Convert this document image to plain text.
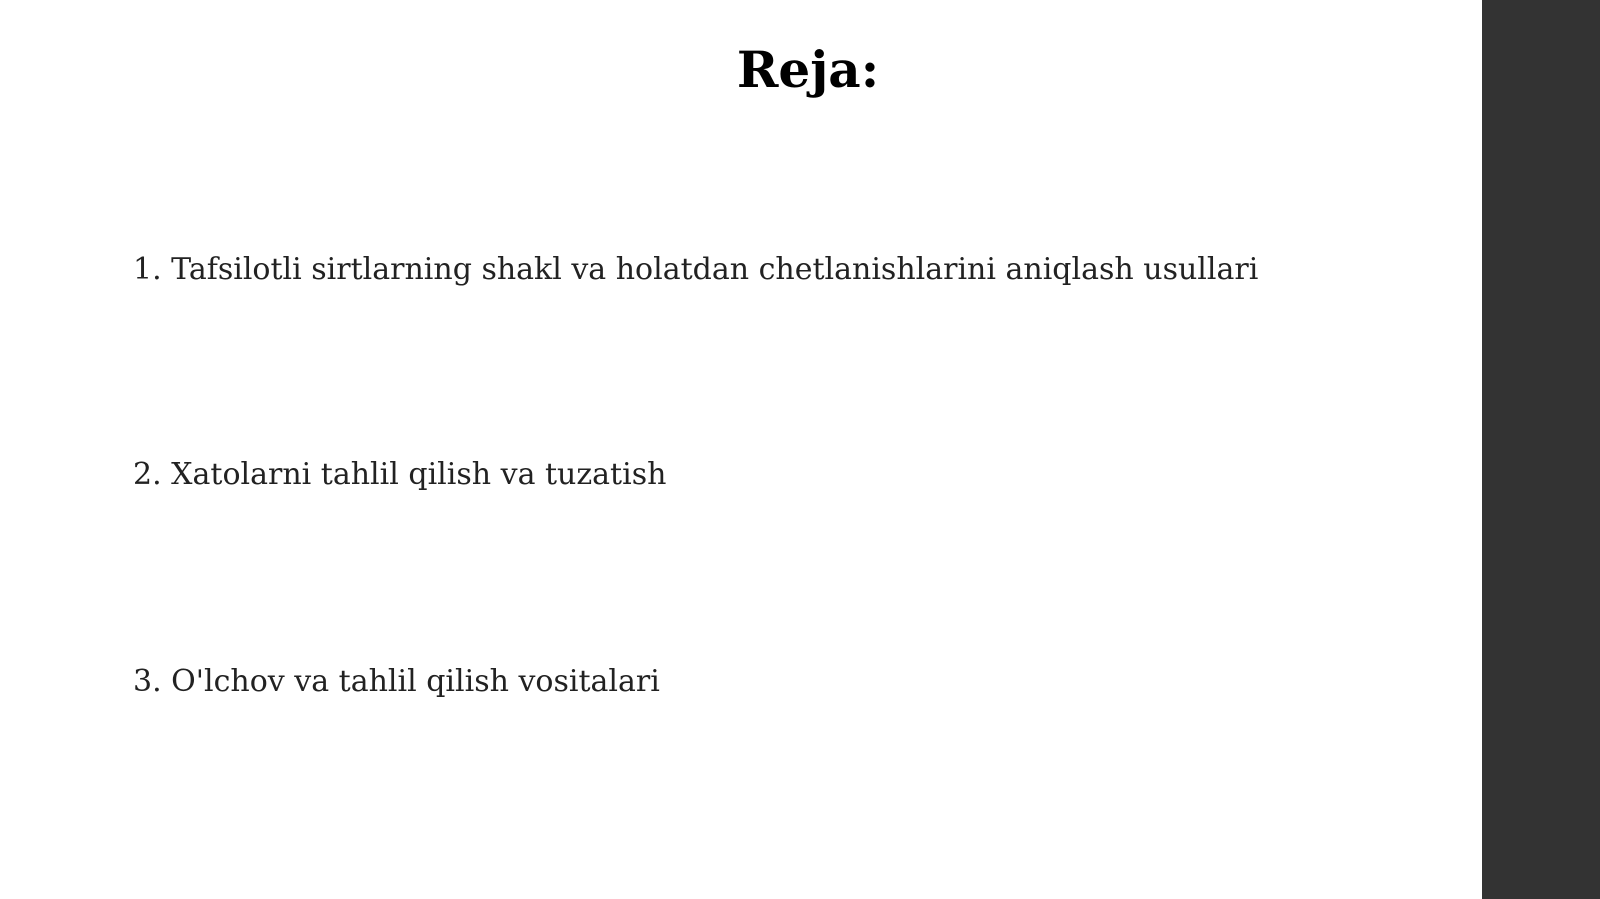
Reja:
1. Tafsilotli sirtlarning shakl va holatdan chetlanishlarini aniqlash usullari
2. Xatolarni tahlil qilish va tuzatish
3. O'lchov va tahlil qilish vositalari
